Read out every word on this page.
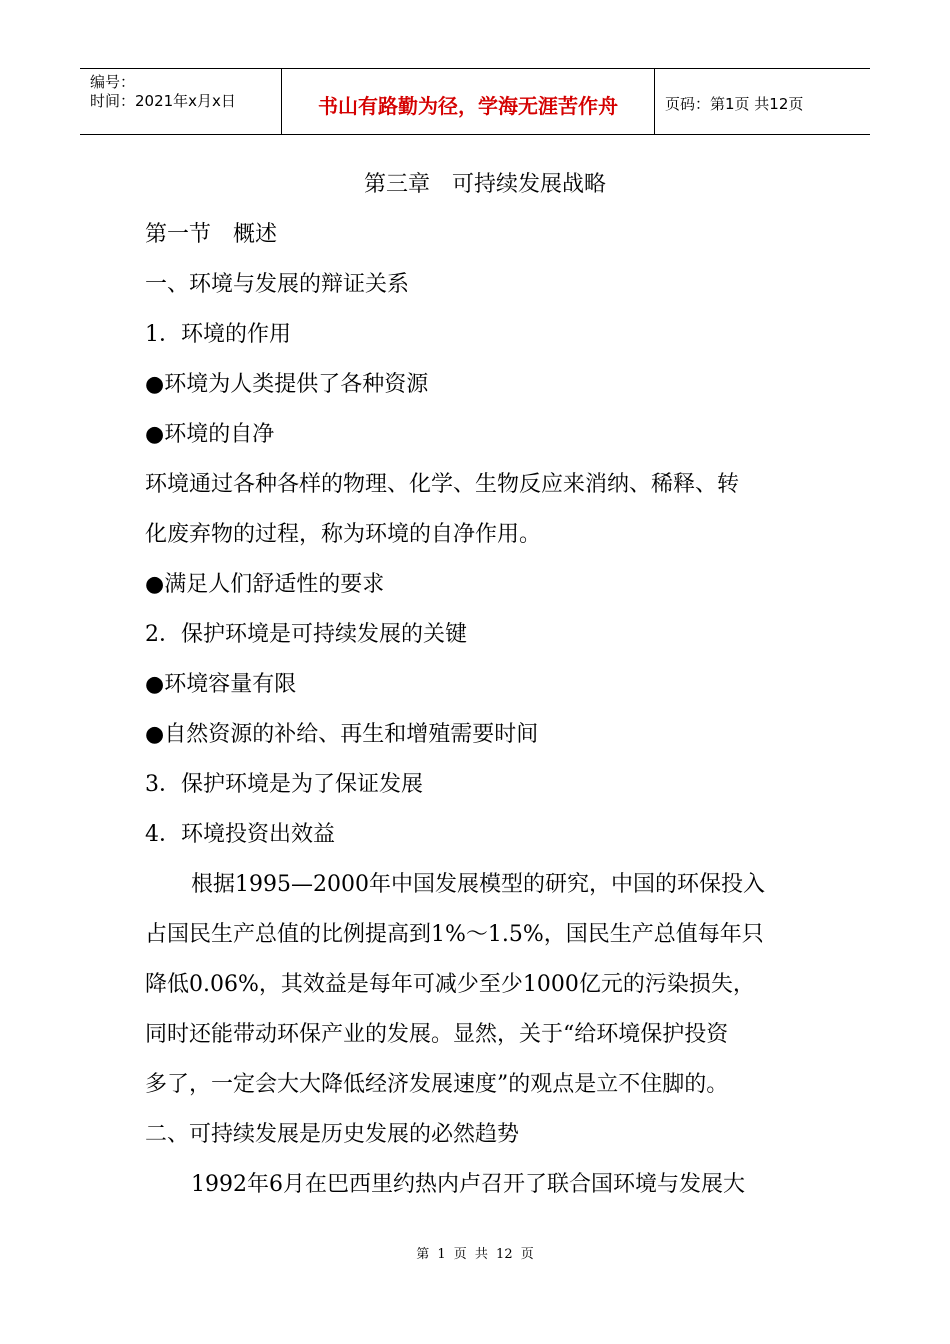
编号：
时间：2021年x月x日	书山有路勤为径，学海无涯苦作舟	页码：第1页 共12页
第三章　可持续发展战略
第一节　概述
一、环境与发展的辩证关系
1．环境的作用
●环境为人类提供了各种资源
●环境的自净
环境通过各种各样的物理、化学、生物反应来消纳、稀释、转
化废弃物的过程，称为环境的自净作用。
●满足人们舒适性的要求
2．保护环境是可持续发展的关键
●环境容量有限
●自然资源的补给、再生和增殖需要时间
3．保护环境是为了保证发展
4．环境投资出效益
根据1995—2000年中国发展模型的研究，中国的环保投入
占国民生产总值的比例提高到1%～1.5%，国民生产总值每年只
降低0.06%，其效益是每年可减少至少1000亿元的污染损失，
同时还能带动环保产业的发展。显然，关于“给环境保护投资
多了，一定会大大降低经济发展速度”的观点是立不住脚的。
二、可持续发展是历史发展的必然趋势
1992年6月在巴西里约热内卢召开了联合国环境与发展大
第 1 页 共 12 页
